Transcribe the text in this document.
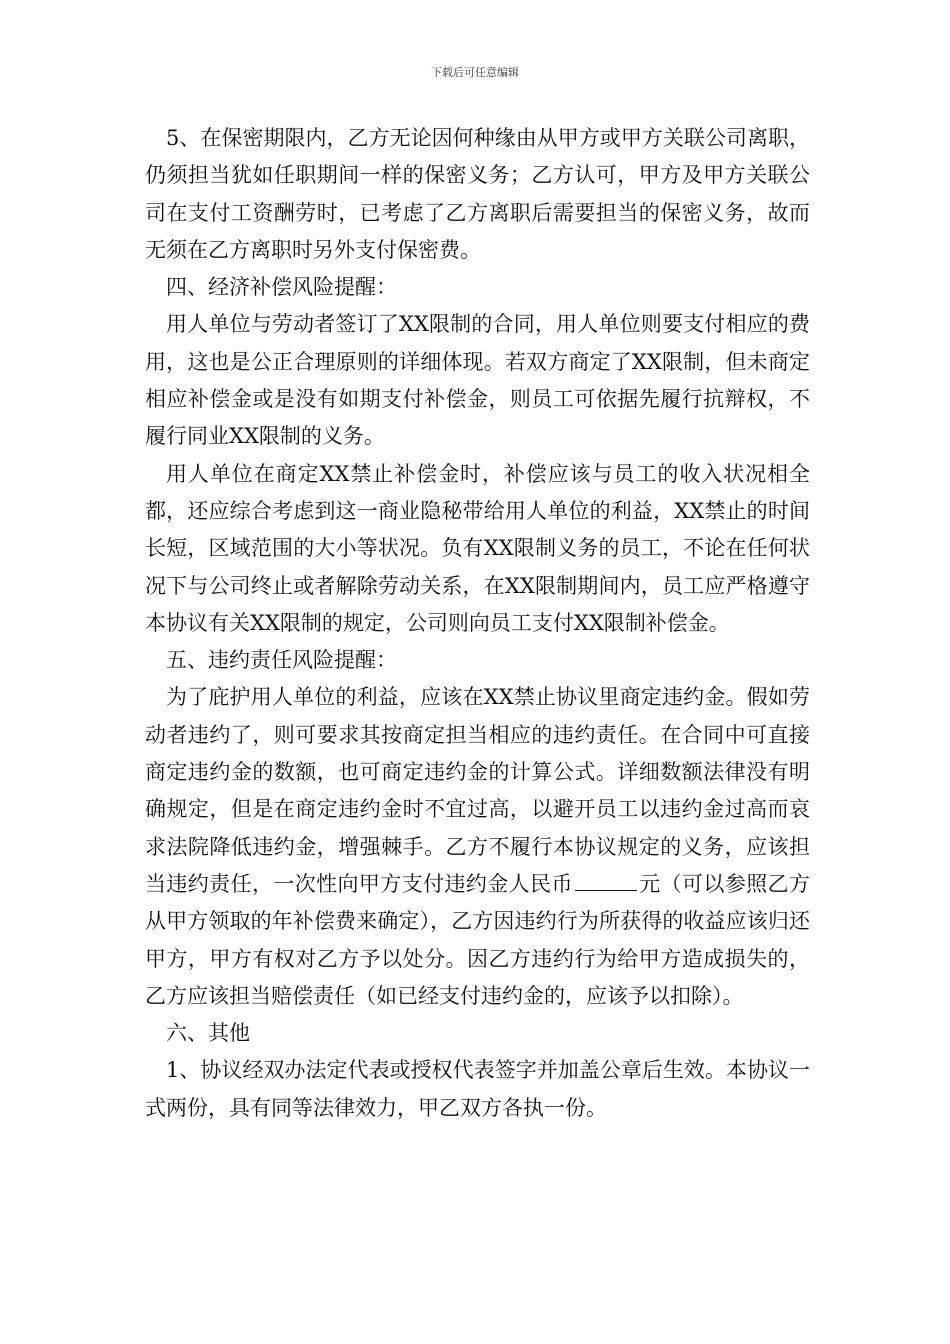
下载后可任意编辑

5、在保密期限内，乙方无论因何种缘由从甲方或甲方关联公司离职，仍须担当犹如任职期间一样的保密义务；乙方认可，甲方及甲方关联公司在支付工资酬劳时，已考虑了乙方离职后需要担当的保密义务，故而无须在乙方离职时另外支付保密费。

四、经济补偿风险提醒：

用人单位与劳动者签订了XX限制的合同，用人单位则要支付相应的费用，这也是公正合理原则的详细体现。若双方商定了XX限制，但未商定相应补偿金或是没有如期支付补偿金，则员工可依据先履行抗辩权，不履行同业XX限制的义务。

用人单位在商定XX禁止补偿金时，补偿应该与员工的收入状况相全都，还应综合考虑到这一商业隐秘带给用人单位的利益，XX禁止的时间长短，区域范围的大小等状况。负有XX限制义务的员工，不论在任何状况下与公司终止或者解除劳动关系，在XX限制期间内，员工应严格遵守本协议有关XX限制的规定，公司则向员工支付XX限制补偿金。

五、违约责任风险提醒：

为了庇护用人单位的利益，应该在XX禁止协议里商定违约金。假如劳动者违约了，则可要求其按商定担当相应的违约责任。在合同中可直接商定违约金的数额，也可商定违约金的计算公式。详细数额法律没有明确规定，但是在商定违约金时不宜过高，以避开员工以违约金过高而哀求法院降低违约金，增强棘手。乙方不履行本协议规定的义务，应该担当违约责任，一次性向甲方支付违约金人民币	元（可以参照乙方从甲方领取的年补偿费来确定），乙方因违约行为所获得的收益应该归还甲方，甲方有权对乙方予以处分。因乙方违约行为给甲方造成损失的，乙方应该担当赔偿责任（如已经支付违约金的，应该予以扣除）。

六、其他

1、协议经双办法定代表或授权代表签字并加盖公章后生效。本协议一式两份，具有同等法律效力，甲乙双方各执一份。
